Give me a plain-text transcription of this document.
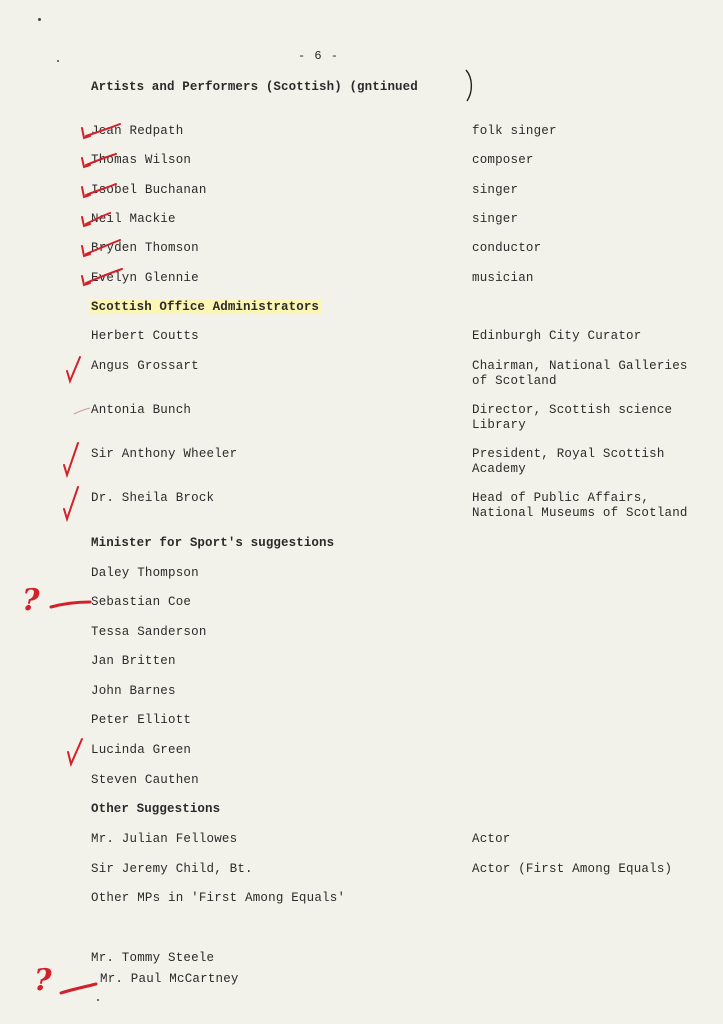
- 6 -
Artists and Performers (Scottish) (gntinued
Jean Redpath	folk singer
Thomas Wilson	composer
Isobel Buchanan	singer
Neil Mackie	singer
Bryden Thomson	conductor
Evelyn Glennie	musician
Scottish Office Administrators
Herbert Coutts	Edinburgh City Curator
Angus Grossart	Chairman, National Galleries
of Scotland
Antonia Bunch	Director, Scottish science
Library
Sir Anthony Wheeler	President, Royal Scottish
Academy
Dr. Sheila Brock	Head of Public Affairs,
National Museums of Scotland
Minister for Sport's suggestions
Daley Thompson
Sebastian Coe
Tessa Sanderson
Jan Britten
John Barnes
Peter Elliott
Lucinda Green
Steven Cauthen
?
Other Suggestions
Mr. Julian Fellowes	Actor
Sir Jeremy Child, Bt.	Actor (First Among Equals)
Other MPs in 'First Among Equals'
Mr. Tommy Steele
Mr. Paul McCartney
?
